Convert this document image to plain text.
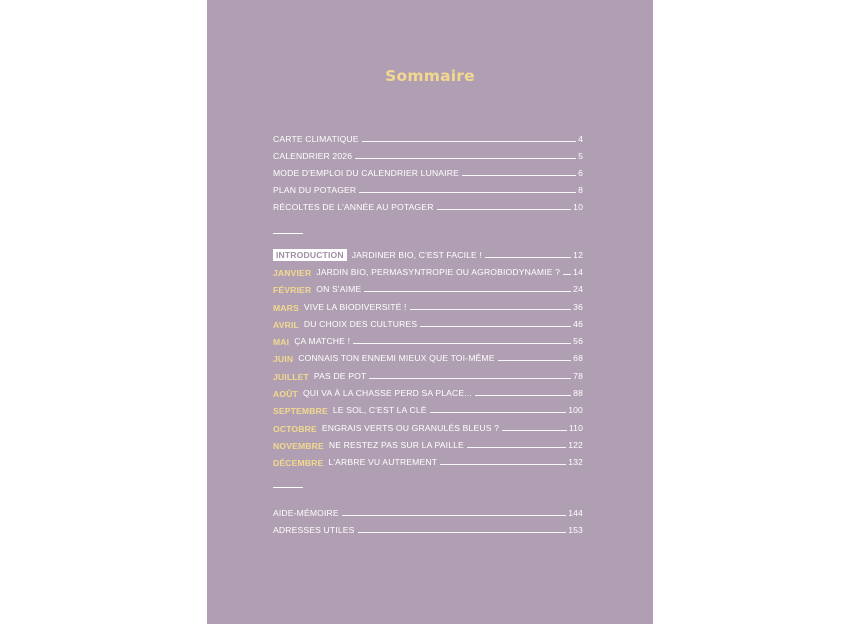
Sommaire
CARTE CLIMATIQUE	4
CALENDRIER 2026	5
MODE D'EMPLOI DU CALENDRIER LUNAIRE	6
PLAN DU POTAGER	8
RÉCOLTES DE L'ANNÉE AU POTAGER	10
INTRODUCTION JARDINER BIO, C'EST FACILE !	12
JANVIER JARDIN BIO, PERMASYNTROPIE OU AGROBIODYNAMIE ? 14
FÉVRIER ON S'AIME	24
MARS VIVE LA BIODIVERSITÉ !	36
AVRIL DU CHOIX DES CULTURES	46
MAI ÇA MATCHE !	56
JUIN CONNAIS TON ENNEMI MIEUX QUE TOI-MÊME	68
JUILLET PAS DE POT	78
AOÛT QUI VA À LA CHASSE PERD SA PLACE...	88
SEPTEMBRE LE SOL, C'EST LA CLÉ	100
OCTOBRE ENGRAIS VERTS OU GRANULÉS BLEUS ?	110
NOVEMBRE NE RESTEZ PAS SUR LA PAILLE	122
DÉCEMBRE L'ARBRE VU AUTREMENT	132
AIDE-MÉMOIRE	144
ADRESSES UTILES	153
